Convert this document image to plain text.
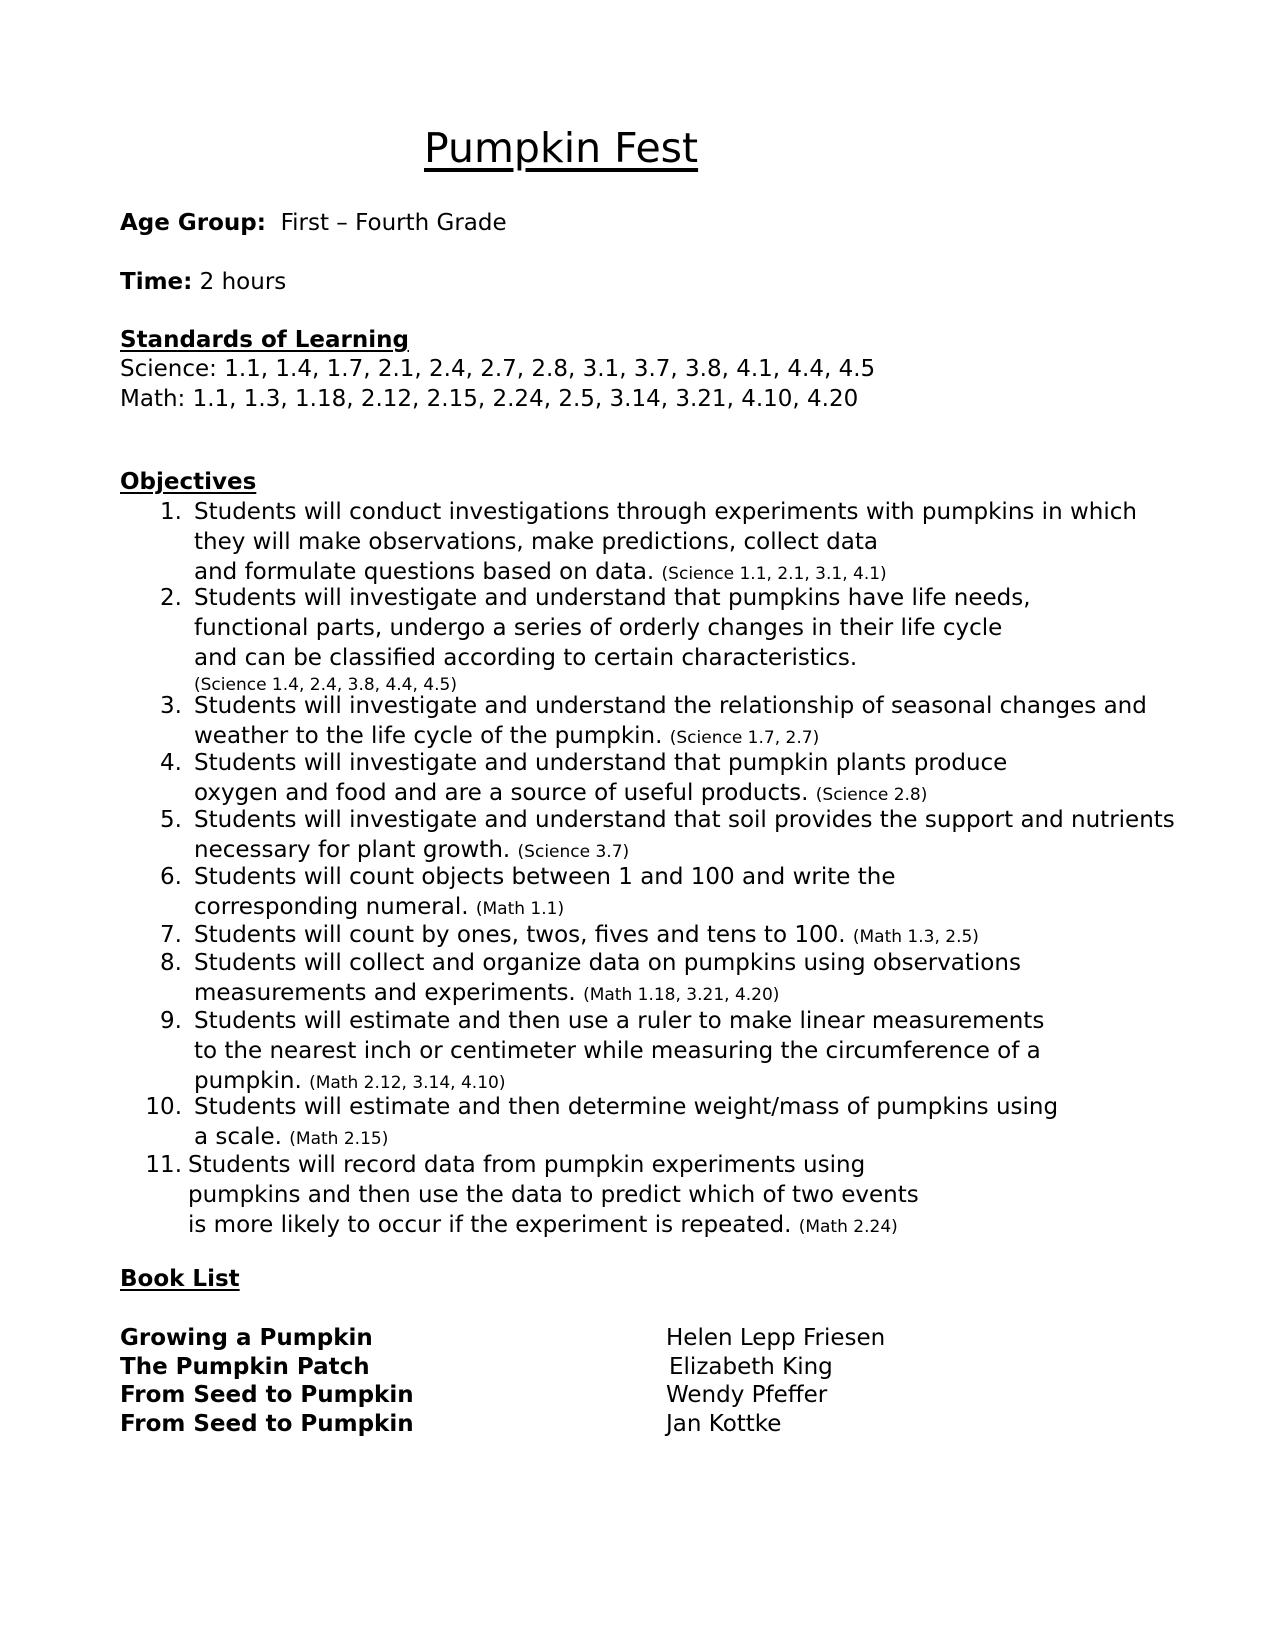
Pumpkin Fest
Age Group: First – Fourth Grade
Time: 2 hours
Standards of Learning
Science: 1.1, 1.4, 1.7, 2.1, 2.4, 2.7, 2.8, 3.1, 3.7, 3.8, 4.1, 4.4, 4.5
Math: 1.1, 1.3, 1.18, 2.12, 2.15, 2.24, 2.5, 3.14, 3.21, 4.10, 4.20
Objectives
1. Students will conduct investigations through experiments with pumpkins in which
they will make observations, make predictions, collect data
and formulate questions based on data. (Science 1.1, 2.1, 3.1, 4.1)
2. Students will investigate and understand that pumpkins have life needs,
functional parts, undergo a series of orderly changes in their life cycle
and can be classified according to certain characteristics.
(Science 1.4, 2.4, 3.8, 4.4, 4.5)
3. Students will investigate and understand the relationship of seasonal changes and
weather to the life cycle of the pumpkin. (Science 1.7, 2.7)
4. Students will investigate and understand that pumpkin plants produce
oxygen and food and are a source of useful products. (Science 2.8)
5. Students will investigate and understand that soil provides the support and nutrients
necessary for plant growth. (Science 3.7)
6. Students will count objects between 1 and 100 and write the
corresponding numeral. (Math 1.1)
7. Students will count by ones, twos, fives and tens to 100. (Math 1.3, 2.5)
8. Students will collect and organize data on pumpkins using observations
measurements and experiments. (Math 1.18, 3.21, 4.20)
9. Students will estimate and then use a ruler to make linear measurements
to the nearest inch or centimeter while measuring the circumference of a
pumpkin. (Math 2.12, 3.14, 4.10)
10. Students will estimate and then determine weight/mass of pumpkins using
a scale. (Math 2.15)
11. Students will record data from pumpkin experiments using
pumpkins and then use the data to predict which of two events
is more likely to occur if the experiment is repeated. (Math 2.24)
Book List
Growing a Pumpkin	Helen Lepp Friesen
The Pumpkin Patch	Elizabeth King
From Seed to Pumpkin	Wendy Pfeffer
From Seed to Pumpkin	Jan Kottke
